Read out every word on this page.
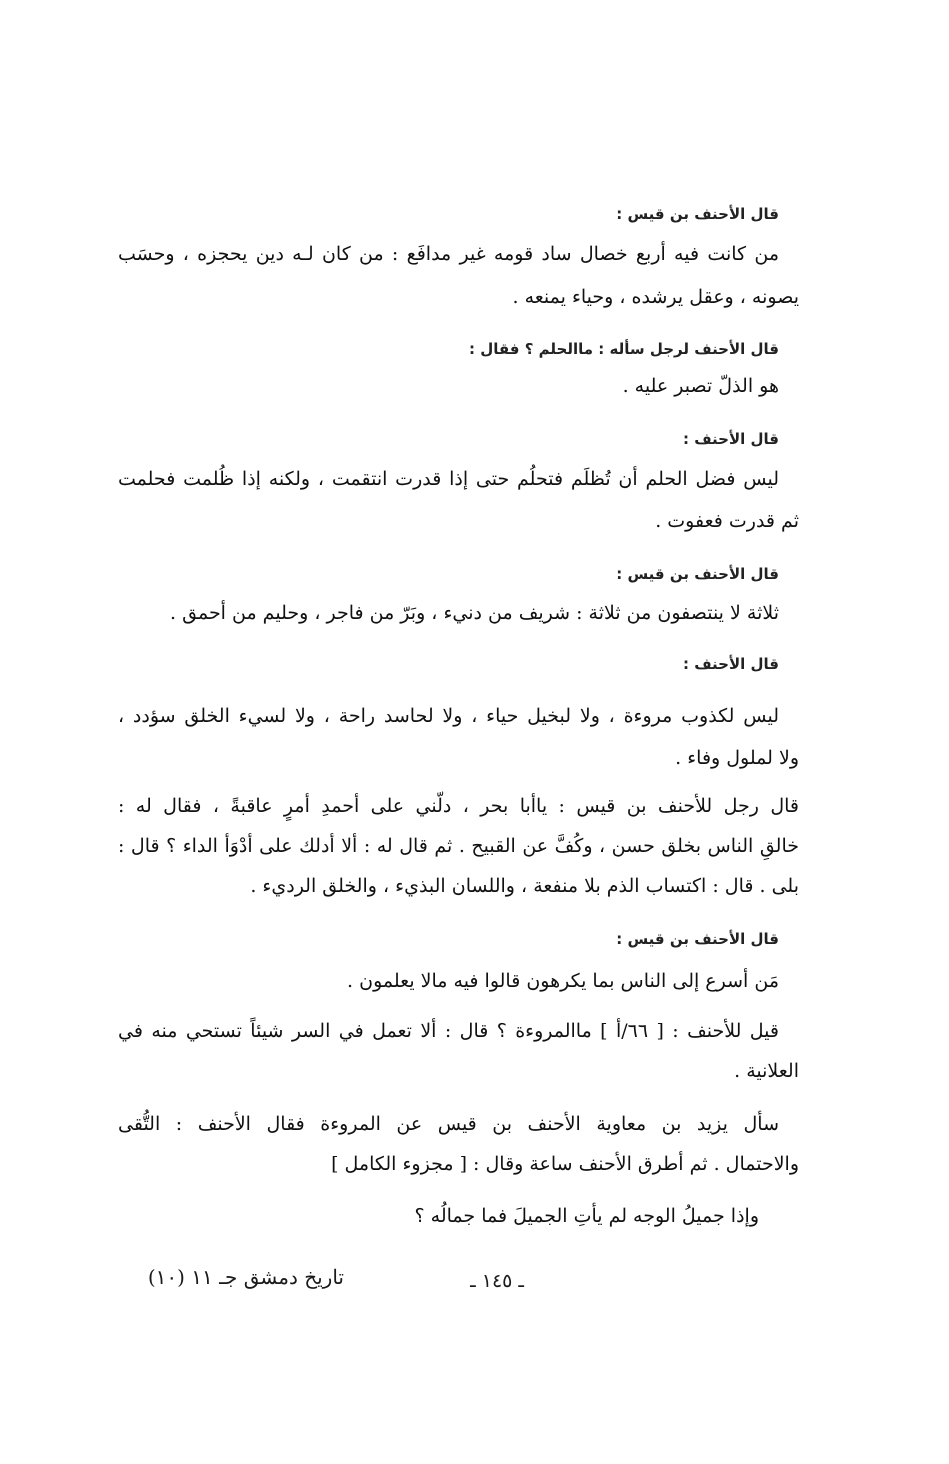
قال الأحنف بن قيس :
من كانت فيه أربع خصال ساد قومه غير مدافَع : من كان لـه دين يحجزه ، وحسَب
يصونه ، وعقل يرشده ، وحياء يمنعه .
قال الأحنف لرجل سأله : ماالحلم ؟ فقال :
هو الذلّ تصبر عليه .
قال الأحنف :
ليس فضل الحلم أن تُظلَم فتحلُم حتى إذا قدرت انتقمت ، ولكنه إذا ظُلمت فحلمت
ثم قدرت فعفوت .
قال الأحنف بن قيس :
ثلاثة لا ينتصفون من ثلاثة : شريف من دنيء ، وبَرّ من فاجر ، وحليم من أحمق .
قال الأحنف :
ليس لكذوب مروءة ، ولا لبخيل حياء ، ولا لحاسد راحة ، ولا لسيء الخلق سؤدد ،
ولا لملول وفاء .
قال رجل للأحنف بن قيس : ياأبا بحر ، دلّني على أحمدِ أمرٍ عاقبةً ، فقال له :
خالقِ الناس بخلق حسن ، وكُفَّ عن القبيح . ثم قال له : ألا أدلك على أدْوَأ الداء ؟ قال :
بلى . قال : اكتساب الذم بلا منفعة ، واللسان البذيء ، والخلق الرديء .
قال الأحنف بن قيس :
مَن أسرع إلى الناس بما يكرهون قالوا فيه مالا يعلمون .
قيل للأحنف : [ ٦٦/أ ] ماالمروءة ؟ قال : ألا تعمل في السر شيئاً تستحي منه في
العلانية .
سأل يزيد بن معاوية الأحنف بن قيس عن المروءة فقال الأحنف : التُّقى
والاحتمال . ثم أطرق الأحنف ساعة وقال : [ مجزوء الكامل ]
وإذا جميلُ الوجه لم يأتِ الجميلَ فما جمالُه ؟
ـ ١٤٥ ـ
تاريخ دمشق جـ ١١ (١٠)
